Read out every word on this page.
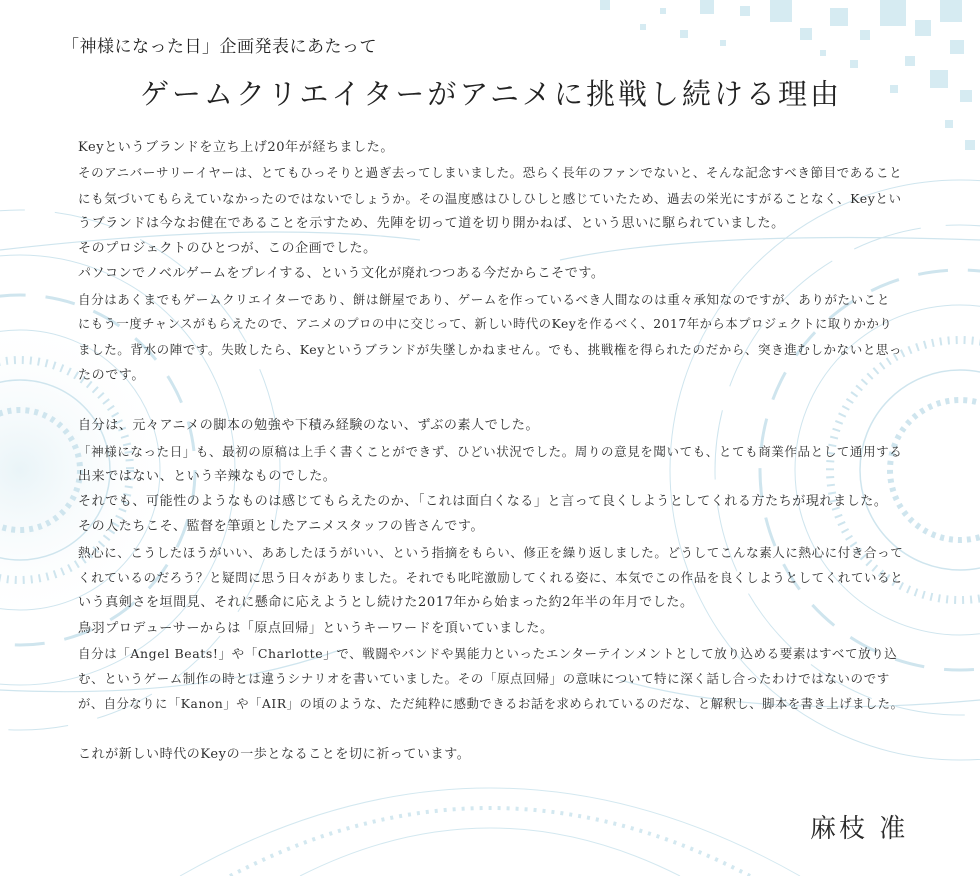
「神様になった日」企画発表にあたって
ゲームクリエイターがアニメに挑戦し続ける理由

Keyというブランドを立ち上げ20年が経ちました。

そのアニバーサリーイヤーは、とてもひっそりと過ぎ去ってしまいました。恐らく長年のファンでないと、そんな記念すべき節目であること

にも気づいてもらえていなかったのではないでしょうか。その温度感はひしひしと感じていたため、過去の栄光にすがることなく、Keyとい

うブランドは今なお健在であることを示すため、先陣を切って道を切り開かねば、という思いに駆られていました。

そのプロジェクトのひとつが、この企画でした。

パソコンでノベルゲームをプレイする、という文化が廃れつつある今だからこそです。

自分はあくまでもゲームクリエイターであり、餅は餅屋であり、ゲームを作っているべき人間なのは重々承知なのですが、ありがたいこと

にもう一度チャンスがもらえたので、アニメのプロの中に交じって、新しい時代のKeyを作るべく、2017年から本プロジェクトに取りかかり

ました。背水の陣です。失敗したら、Keyというブランドが失墜しかねません。でも、挑戦権を得られたのだから、突き進むしかないと思っ

たのです。

自分は、元々アニメの脚本の勉強や下積み経験のない、ずぶの素人でした。

「神様になった日」も、最初の原稿は上手く書くことができず、ひどい状況でした。周りの意見を聞いても、とても商業作品として通用する

出来ではない、という辛辣なものでした。

それでも、可能性のようなものは感じてもらえたのか、「これは面白くなる」と言って良くしようとしてくれる方たちが現れました。

その人たちこそ、監督を筆頭としたアニメスタッフの皆さんです。

熱心に、こうしたほうがいい、ああしたほうがいい、という指摘をもらい、修正を繰り返しました。どうしてこんな素人に熱心に付き合って

くれているのだろう？と疑問に思う日々がありました。それでも叱咤激励してくれる姿に、本気でこの作品を良くしようとしてくれていると

いう真剣さを垣間見、それに懸命に応えようとし続けた2017年から始まった約2年半の年月でした。

鳥羽プロデューサーからは「原点回帰」というキーワードを頂いていました。

自分は「Angel Beats!」や「Charlotte」で、戦闘やバンドや異能力といったエンターテインメントとして放り込める要素はすべて放り込

む、というゲーム制作の時とは違うシナリオを書いていました。その「原点回帰」の意味について特に深く話し合ったわけではないのです

が、自分なりに「Kanon」や「AIR」の頃のような、ただ純粋に感動できるお話を求められているのだな、と解釈し、脚本を書き上げました。

これが新しい時代のKeyの一歩となることを切に祈っています。

麻枝 准
